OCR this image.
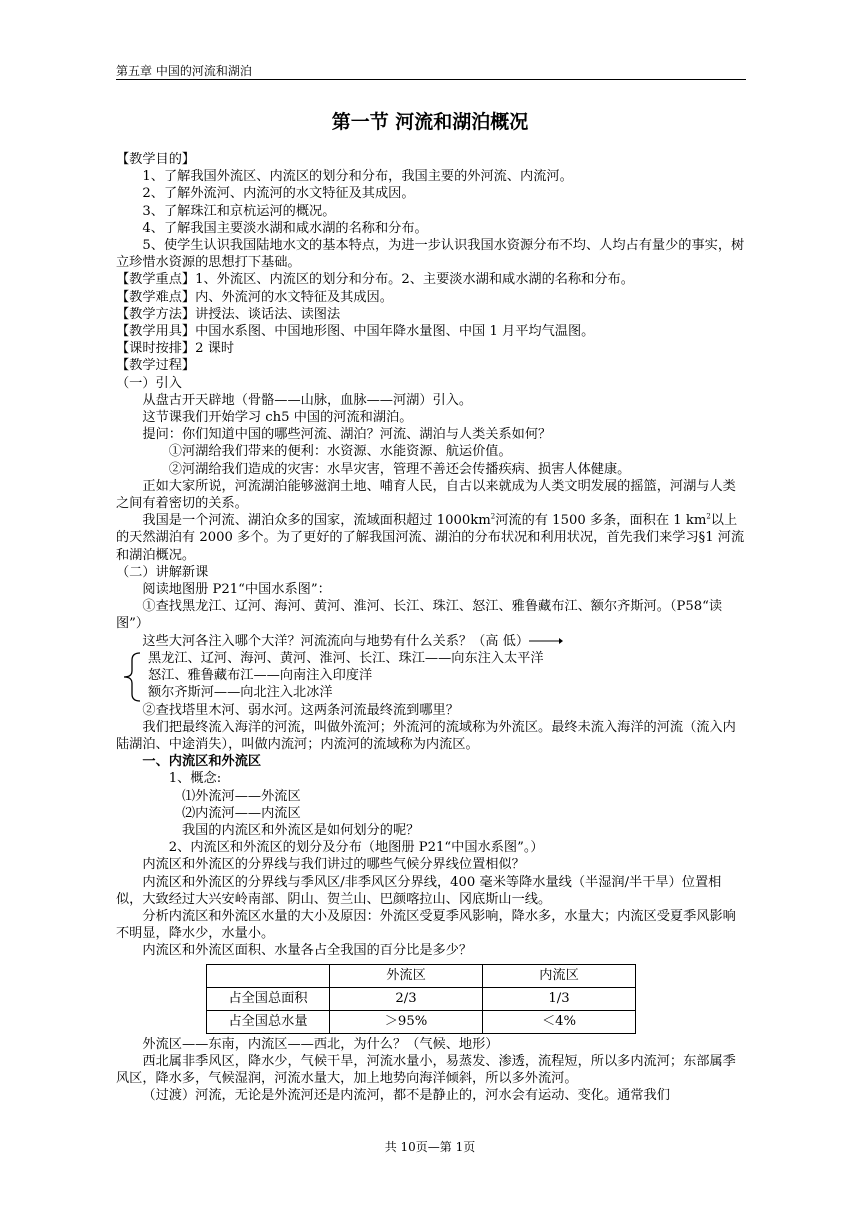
第五章 中国的河流和湖泊
第一节 河流和湖泊概况

【教学目的】

1、了解我国外流区、内流区的划分和分布，我国主要的外河流、内流河。

2、了解外流河、内流河的水文特征及其成因。

3、了解珠江和京杭运河的概况。

4、了解我国主要淡水湖和咸水湖的名称和分布。

5、使学生认识我国陆地水文的基本特点，为进一步认识我国水资源分布不均、人均占有量少的事实，树立珍惜水资源的思想打下基础。

【教学重点】1、外流区、内流区的划分和分布。2、主要淡水湖和咸水湖的名称和分布。

【教学难点】内、外流河的水文特征及其成因。

【教学方法】讲授法、谈话法、读图法

【教学用具】中国水系图、中国地形图、中国年降水量图、中国 1 月平均气温图。

【课时按排】2 课时

【教学过程】

（一）引入

从盘古开天辟地（骨骼——山脉，血脉——河湖）引入。

这节课我们开始学习 ch5 中国的河流和湖泊。

提问：你们知道中国的哪些河流、湖泊？河流、湖泊与人类关系如何？

①河湖给我们带来的便利：水资源、水能资源、航运价值。

②河湖给我们造成的灾害：水旱灾害，管理不善还会传播疾病、损害人体健康。

正如大家所说，河流湖泊能够滋润土地、哺育人民，自古以来就成为人类文明发展的摇篮，河湖与人类之间有着密切的关系。

我国是一个河流、湖泊众多的国家，流域面积超过 $1000km^2$河流的有 1500 多条，面积在 1 $km^2$以上的天然湖泊有 2000 多个。为了更好的了解我国河流、湖泊的分布状况和利用状况，首先我们来学习§1 河流和湖泊概况。

（二）讲解新课

阅读地图册 P21“中国水系图”：

①查找黑龙江、辽河、海河、黄河、淮河、长江、珠江、怒江、雅鲁藏布江、额尔齐斯河。（P58“读图”）

这些大河各注入哪个大洋？河流流向与地势有什么关系？（高 低）

黑龙江、辽河、海河、黄河、淮河、长江、珠江——向东注入太平洋

怒江、雅鲁藏布江——向南注入印度洋

额尔齐斯河——向北注入北冰洋

②查找塔里木河、弱水河。这两条河流最终流到哪里？

我们把最终流入海洋的河流，叫做外流河；外流河的流域称为外流区。最终未流入海洋的河流（流入内陆湖泊、中途消失），叫做内流河；内流河的流域称为内流区。

一、内流区和外流区

1、概念:

⑴外流河——外流区

⑵内流河——内流区

我国的内流区和外流区是如何划分的呢？

2、内流区和外流区的划分及分布（地图册 P21“中国水系图”。）

内流区和外流区的分界线与我们讲过的哪些气候分界线位置相似？

内流区和外流区的分界线与季风区/非季风区分界线，400 毫米等降水量线（半湿润/半干旱）位置相似，大致经过大兴安岭南部、阴山、贺兰山、巴颜喀拉山、冈底斯山一线。

分析内流区和外流区水量的大小及原因：外流区受夏季风影响，降水多，水量大；内流区受夏季风影响不明显，降水少，水量小。

内流区和外流区面积、水量各占全我国的百分比是多少？

	外流区	内流区
占全国总面积	2/3	1/3
占全国总水量	＞95%	＜4%

外流区——东南，内流区——西北，为什么？（气候、地形）

西北属非季风区，降水少，气候干旱，河流水量小，易蒸发、渗透，流程短，所以多内流河；东部属季风区，降水多，气候湿润，河流水量大，加上地势向海洋倾斜，所以多外流河。

（过渡）河流，无论是外流河还是内流河，都不是静止的，河水会有运动、变化。通常我们

共 10页—第 1页
